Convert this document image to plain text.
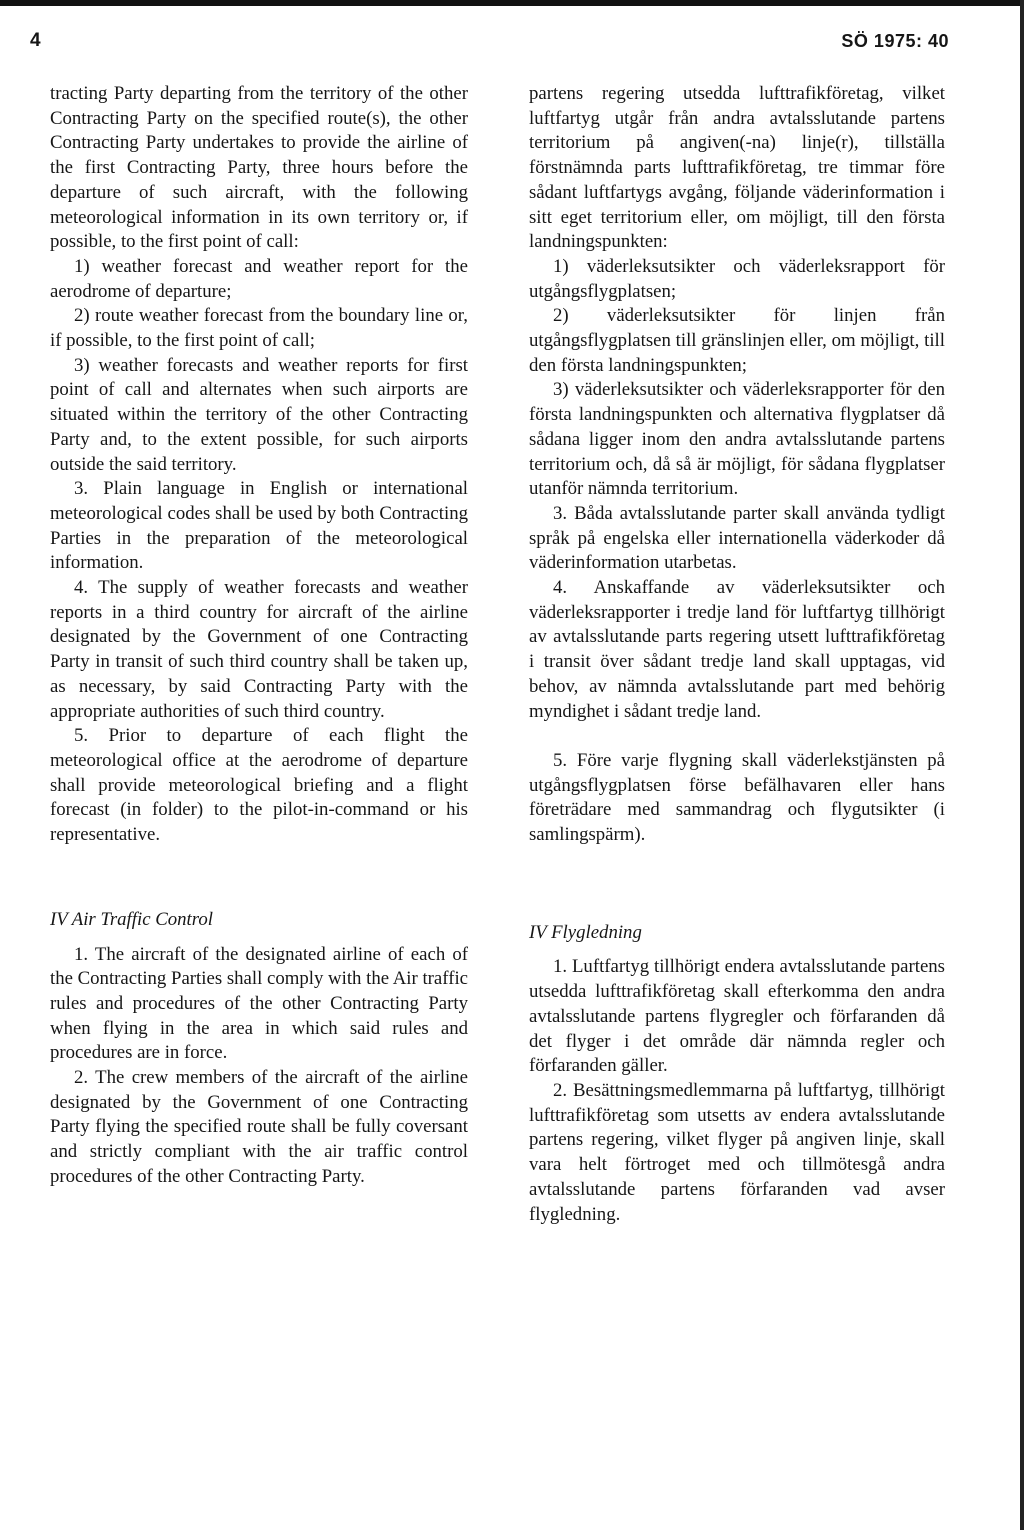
4	SÖ 1975: 40

tracting Party departing from the territory of the other Contracting Party on the specified route(s), the other Contracting Party undertakes to provide the airline of the first Contracting Party, three hours before the departure of such aircraft, with the following meteorological information in its own territory or, if possible, to the first point of call:

1) weather forecast and weather report for the aerodrome of departure;

2) route weather forecast from the boundary line or, if possible, to the first point of call;

3) weather forecasts and weather reports for first point of call and alternates when such airports are situated within the territory of the other Contracting Party and, to the extent possible, for such airports outside the said territory.

3. Plain language in English or international meteorological codes shall be used by both Contracting Parties in the preparation of the meteorological information.

4. The supply of weather forecasts and weather reports in a third country for aircraft of the airline designated by the Government of one Contracting Party in transit of such third country shall be taken up, as necessary, by said Contracting Party with the appropriate authorities of such third country.

5. Prior to departure of each flight the meteorological office at the aerodrome of departure shall provide meteorological briefing and a flight forecast (in folder) to the pilot-in-command or his representative.

IV Air Traffic Control

1. The aircraft of the designated airline of each of the Contracting Parties shall comply with the Air traffic rules and procedures of the other Contracting Party when flying in the area in which said rules and procedures are in force.

2. The crew members of the aircraft of the airline designated by the Government of one Contracting Party flying the specified route shall be fully coversant and strictly compliant with the air traffic control procedures of the other Contracting Party.

partens regering utsedda lufttrafikföretag, vilket luftfartyg utgår från andra avtalsslutande partens territorium på angiven(-na) linje(r), tillställa förstnämnda parts lufttrafikföretag, tre timmar före sådant luftfartygs avgång, följande väderinformation i sitt eget territorium eller, om möjligt, till den första landningspunkten:

1) väderleksutsikter och väderleksrapport för utgångsflygplatsen;

2) väderleksutsikter för linjen från utgångsflygplatsen till gränslinjen eller, om möjligt, till den första landningspunkten;

3) väderleksutsikter och väderleksrapporter för den första landningspunkten och alternativa flygplatser då sådana ligger inom den andra avtalsslutande partens territorium och, då så är möjligt, för sådana flygplatser utanför nämnda territorium.

3. Båda avtalsslutande parter skall använda tydligt språk på engelska eller internationella väderkoder då väderinformation utarbetas.

4. Anskaffande av väderleksutsikter och väderleksrapporter i tredje land för luftfartyg tillhörigt av avtalsslutande parts regering utsett lufttrafikföretag i transit över sådant tredje land skall upptagas, vid behov, av nämnda avtalsslutande part med behörig myndighet i sådant tredje land.

5. Före varje flygning skall väderlekstjänsten på utgångsflygplatsen förse befälhavaren eller hans företrädare med sammandrag och flygutsikter (i samlingspärm).

IV Flygledning

1. Luftfartyg tillhörigt endera avtalsslutande partens utsedda lufttrafikföretag skall efterkomma den andra avtalsslutande partens flygregler och förfaranden då det flyger i det område där nämnda regler och förfaranden gäller.

2. Besättningsmedlemmarna på luftfartyg, tillhörigt lufttrafikföretag som utsetts av endera avtalsslutande partens regering, vilket flyger på angiven linje, skall vara helt förtroget med och tillmötesgå andra avtalsslutande partens förfaranden vad avser flygledning.
